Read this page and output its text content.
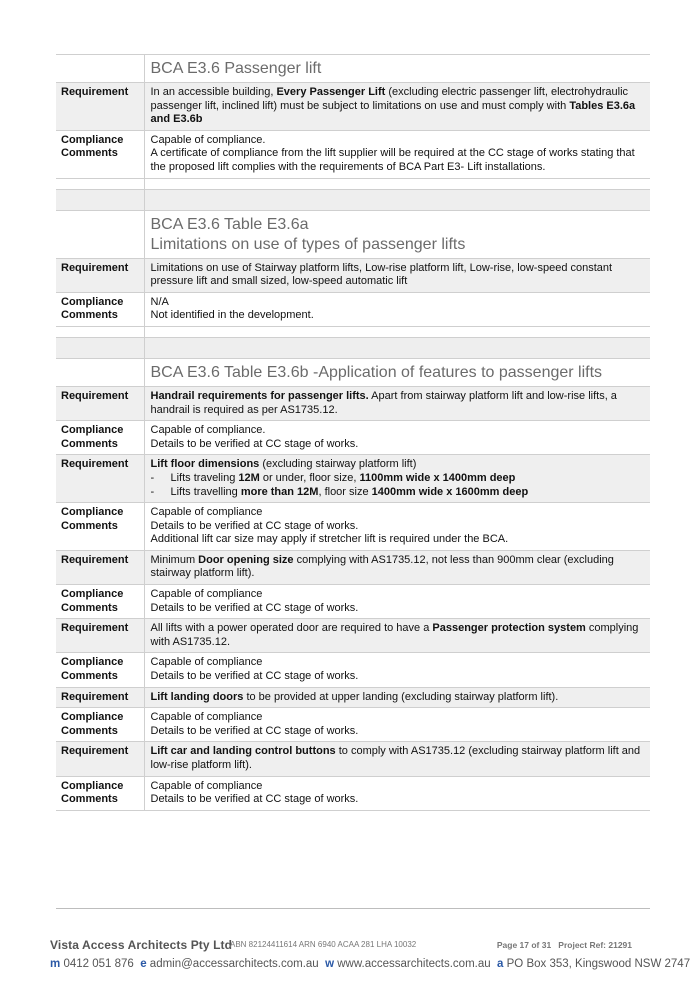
	BCA E3.6 Passenger lift

Requirement	In an accessible building, Every Passenger Lift (excluding electric passenger lift, electrohydraulic passenger lift, inclined lift) must be subject to limitations on use and must comply with Tables E3.6a and E3.6b
Compliance Comments	Capable of compliance.
A certificate of compliance from the lift supplier will be required at the CC stage of works stating that the proposed lift complies with the requirements of BCA Part E3- Lift installations.

	BCA E3.6 Table E3.6a
Limitations on use of types of passenger lifts

Requirement	Limitations on use of Stairway platform lifts, Low-rise platform lift, Low-rise, low-speed constant pressure lift and small sized, low-speed automatic lift
Compliance Comments	N/A
Not identified in the development.

	BCA E3.6 Table E3.6b -Application of features to passenger lifts

Requirement	Handrail requirements for passenger lifts. Apart from stairway platform lift and low-rise lifts, a handrail is required as per AS1735.12.
Compliance Comments	Capable of compliance.
Details to be verified at CC stage of works.

Requirement	Lift floor dimensions (excluding stairway platform lift)
- Lifts traveling 12M or under, floor size, 1100mm wide x 1400mm deep
- Lifts travelling more than 12M, floor size 1400mm wide x 1600mm deep

Compliance Comments	Capable of compliance
Details to be verified at CC stage of works.
Additional lift car size may apply if stretcher lift is required under the BCA.

Requirement	Minimum Door opening size complying with AS1735.12, not less than 900mm clear (excluding stairway platform lift).
Compliance Comments	Capable of compliance
Details to be verified at CC stage of works.

Requirement	All lifts with a power operated door are required to have a Passenger protection system complying with AS1735.12.
Compliance Comments	Capable of compliance
Details to be verified at CC stage of works.

Requirement	Lift landing doors to be provided at upper landing (excluding stairway platform lift).
Compliance Comments	Capable of compliance
Details to be verified at CC stage of works.

Requirement	Lift car and landing control buttons to comply with AS1735.12 (excluding stairway platform lift and low-rise platform lift).
Compliance Comments	Capable of compliance
Details to be verified at CC stage of works.
Vista Access Architects Pty Ltd
ABN 82124411614 ARN 6940 ACAA 281 LHA 10032	Page 17 of 31 Project Ref: 21291
m 0412 051 876 e admin@accessarchitects.com.au w www.accessarchitects.com.au a PO Box 353, Kingswood NSW 2747
